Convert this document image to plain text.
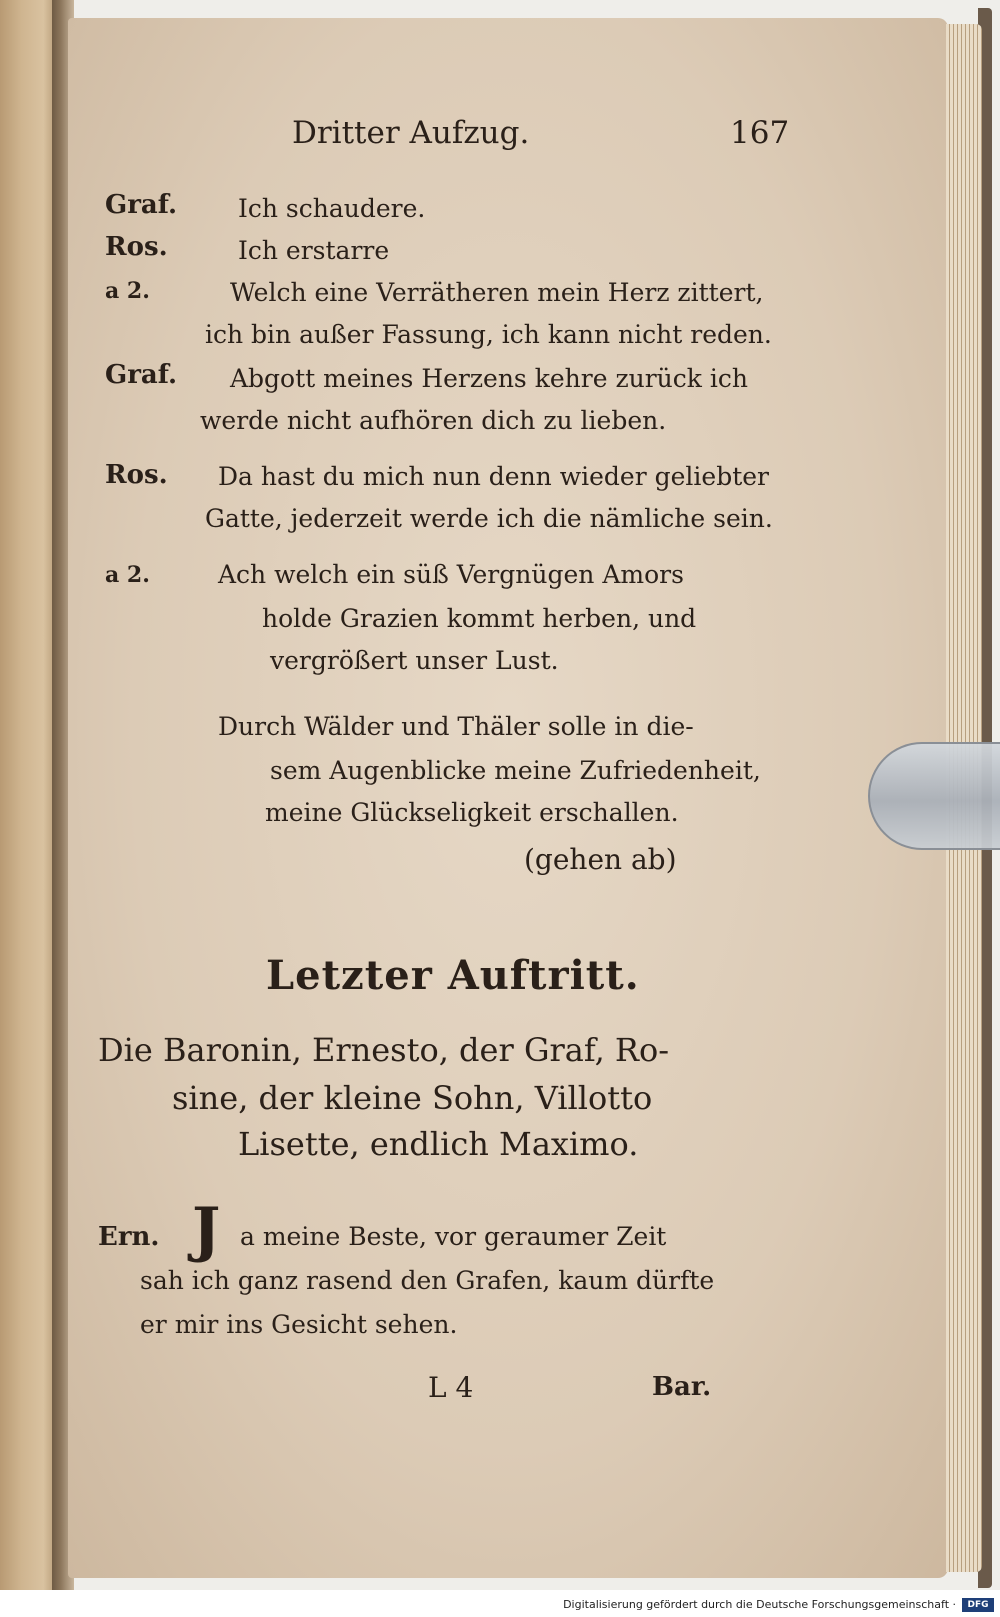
Dritter Aufzug.	167
Graf. Ich schaudere.
Ros.	Ich erstarre
a 2.	Welch eine Verrätheren mein Herz zittert,
ich bin außer Fassung, ich kann nicht reden.
Graf. Abgott meines Herzens kehre zurück ich
werde nicht aufhören dich zu lieben.
Ros. Da hast du mich nun denn wieder geliebter
Gatte, jederzeit werde ich die nämliche sein.
a 2.	Ach welch ein süß Vergnügen Amors
holde Grazien kommt herben, und
vergrößert unser Lust.
Durch Wälder und Thäler solle in die-
sem Augenblicke meine Zufriedenheit,
meine Glückseligkeit erschallen.
(gehen ab)
Letzter Auftritt.
Die Baronin, Ernesto, der Graf, Ro-
sine, der kleine Sohn, Villotto
Lisette, endlich Maximo.
Ern. J a meine Beste, vor geraumer Zeit
sah ich ganz rasend den Grafen, kaum dürfte
er mir ins Gesicht sehen.
L 4	Bar.
Digitalisierung gefördert durch die Deutsche Forschungsgemeinschaft ·	DFG
